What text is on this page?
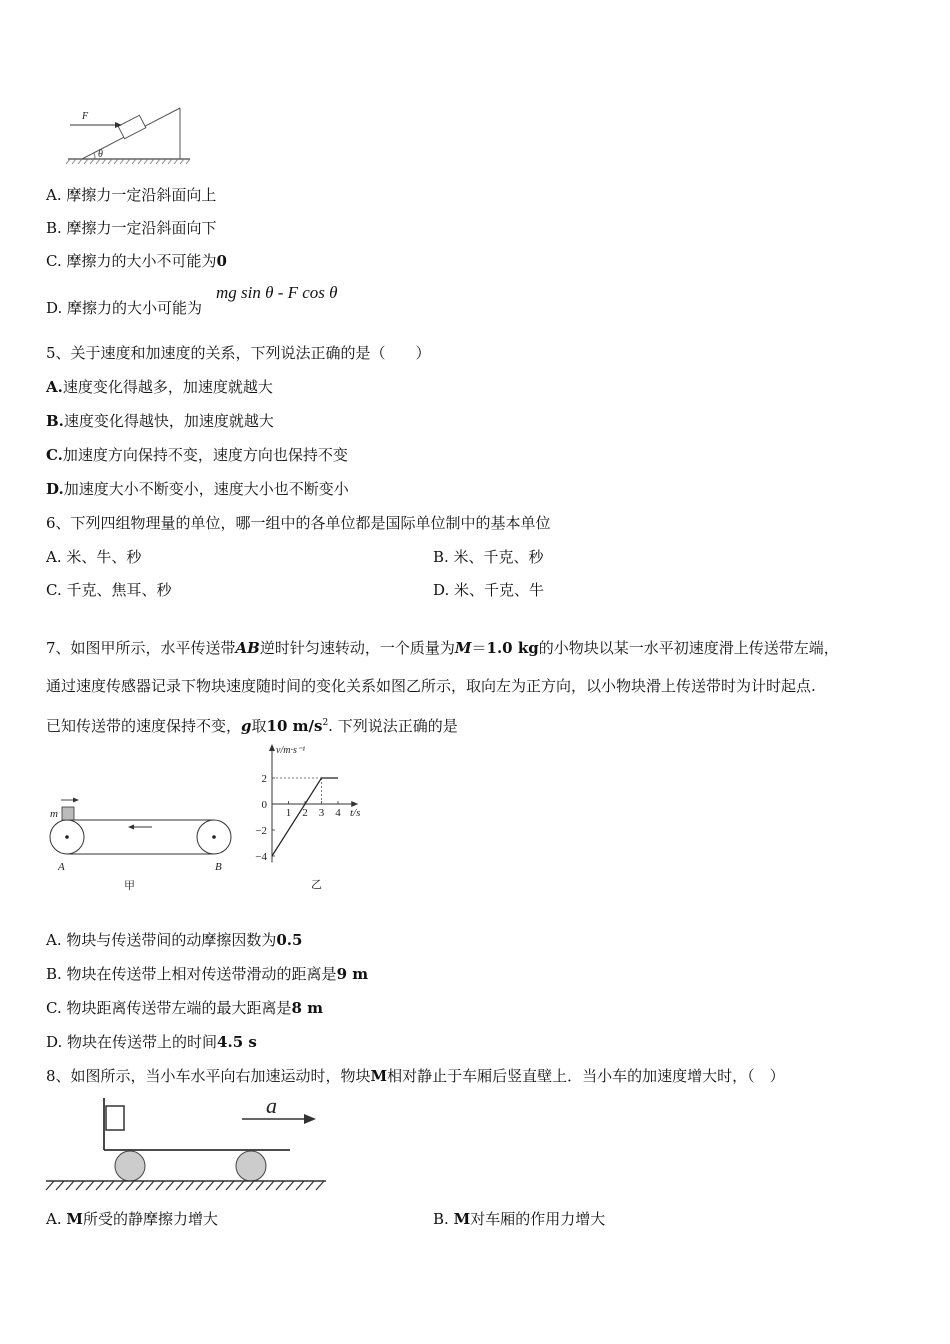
F
θ
A. 摩擦力一定沿斜面向上
B. 摩擦力一定沿斜面向下
C. 摩擦力的大小不可能为0
D. 摩擦力的大小可能为
mg sin θ - F cos θ
5、关于速度和加速度的关系，下列说法正确的是（　　）
A.速度变化得越多，加速度就越大
B.速度变化得越快，加速度就越大
C.加速度方向保持不变，速度方向也保持不变
D.加速度大小不断变小，速度大小也不断变小
6、下列四组物理量的单位，哪一组中的各单位都是国际单位制中的基本单位
A. 米、牛、秒	B. 米、千克、秒
C. 千克、焦耳、秒	D. 米、千克、牛
7、如图甲所示，水平传送带AB逆时针匀速转动，一个质量为M＝1.0 kg的小物块以某一水平初速度滑上传送带左端，
通过速度传感器记录下物块速度随时间的变化关系如图乙所示，取向左为正方向，以小物块滑上传送带时为计时起点.
已知传送带的速度保持不变，g取10 $m/s^2$. 下列说法正确的是
m
A	B
甲
−4
−2
0
2
1 2 3 4
v/m·s⁻¹
t/s
乙
A. 物块与传送带间的动摩擦因数为0.5
B. 物块在传送带上相对传送带滑动的距离是9 m
C. 物块距离传送带左端的最大距离是8 m
D. 物块在传送带上的时间4.5 s
8、如图所示，当小车水平向右加速运动时，物块M相对静止于车厢后竖直壁上．当小车的加速度增大时，（　）
a
A. M所受的静摩擦力增大	B. M对车厢的作用力增大
